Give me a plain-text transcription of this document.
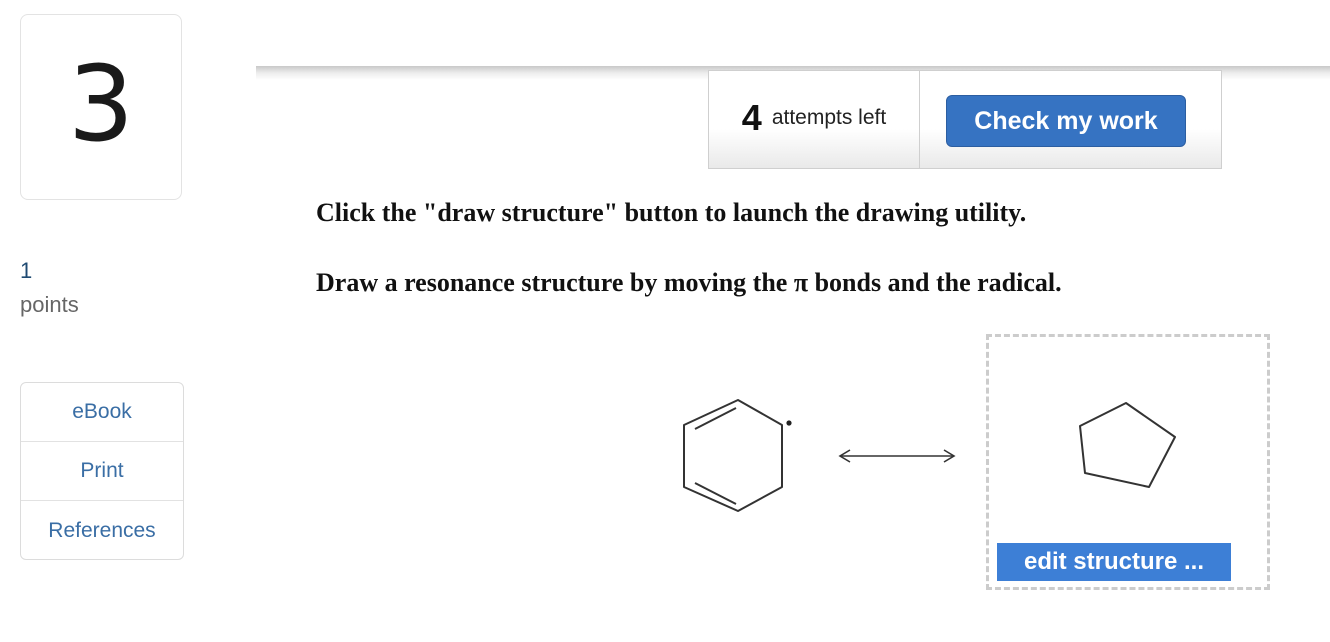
3
1
points
eBook
Print
References
4 attempts left	Check my work
Click the "draw structure" button to launch the drawing utility.
Draw a resonance structure by moving the π bonds and the radical.
edit structure ...
